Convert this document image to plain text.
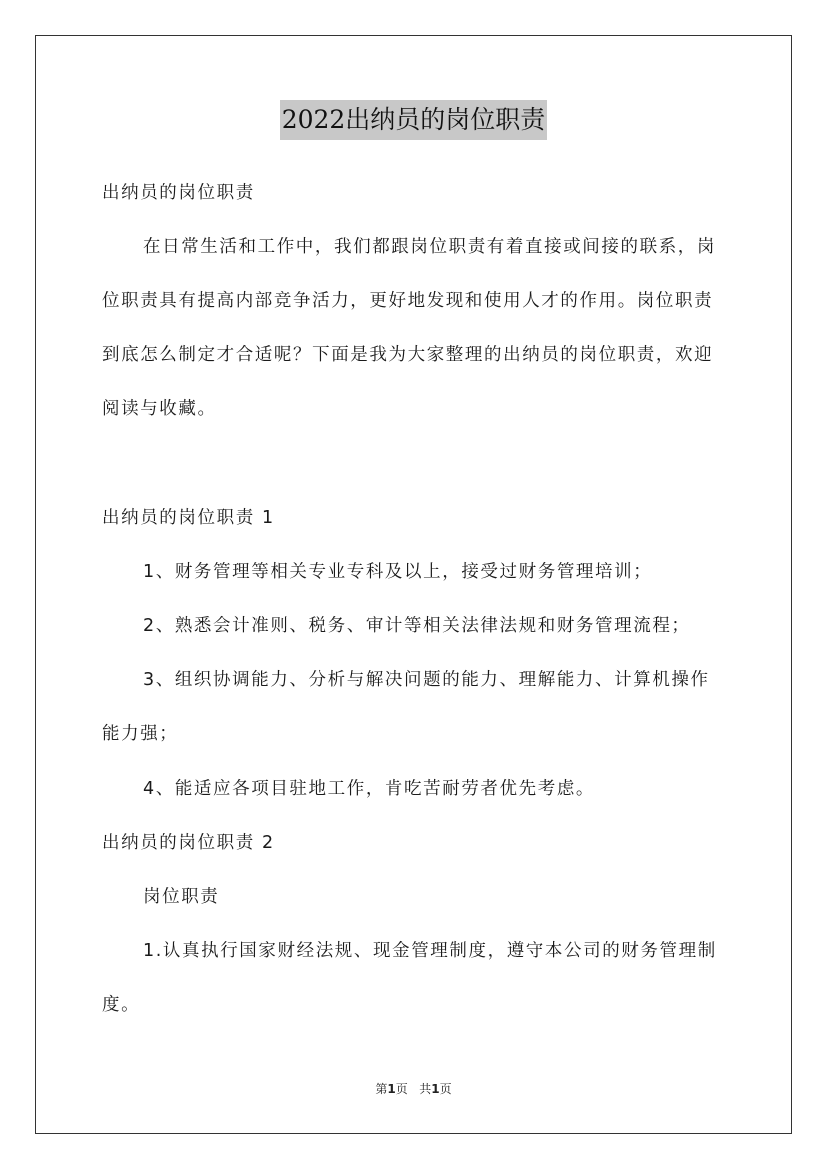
2022出纳员的岗位职责

出纳员的岗位职责

在日常生活和工作中，我们都跟岗位职责有着直接或间接的联系，岗位职责具有提高内部竞争活力，更好地发现和使用人才的作用。岗位职责到底怎么制定才合适呢？下面是我为大家整理的出纳员的岗位职责，欢迎阅读与收藏。

出纳员的岗位职责 1

1、财务管理等相关专业专科及以上，接受过财务管理培训；

2、熟悉会计准则、税务、审计等相关法律法规和财务管理流程；

3、组织协调能力、分析与解决问题的能力、理解能力、计算机操作能力强；

4、能适应各项目驻地工作，肯吃苦耐劳者优先考虑。

出纳员的岗位职责 2

岗位职责

1.认真执行国家财经法规、现金管理制度，遵守本公司的财务管理制度。

第1页 共1页
